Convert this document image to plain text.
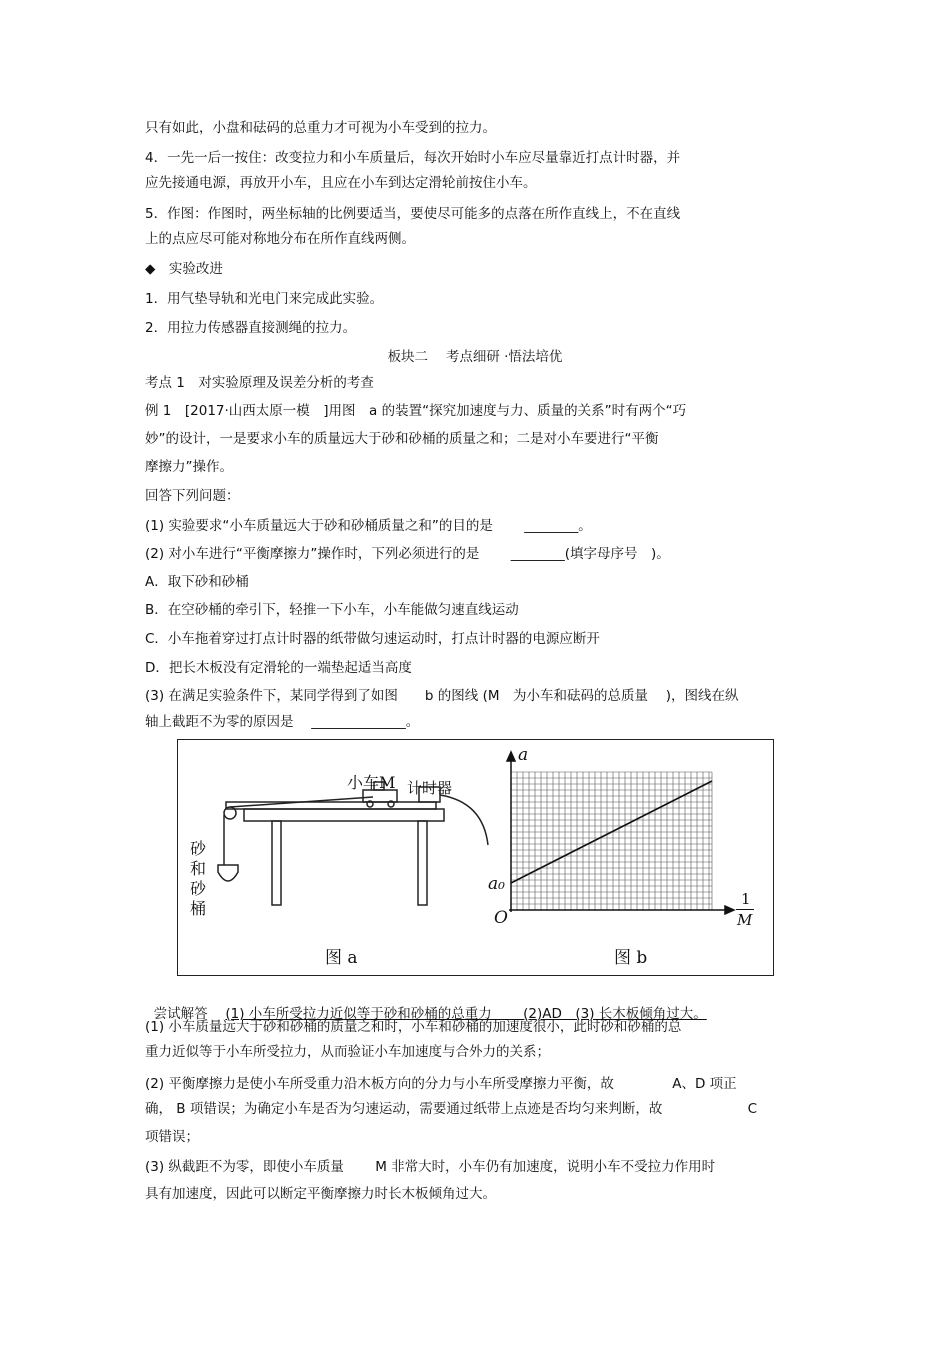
只有如此，小盘和砝码的总重力才可视为小车受到的拉力。
4．一先一后一按住：改变拉力和小车质量后，每次开始时小车应尽量靠近打点计时器，并
应先接通电源，再放开小车，且应在小车到达定滑轮前按住小车。
5．作图：作图时，两坐标轴的比例要适当，要使尽可能多的点落在所作直线上，不在直线
上的点应尽可能对称地分布在所作直线两侧。
◆　实验改进
1．用气垫导轨和光电门来完成此实验。
2．用拉力传感器直接测绳的拉力。
板块二　 考点细研 ·悟法培优
考点 1　对实验原理及误差分析的考查
例 1　[2017·山西太原一模　]用图　a 的装置“探究加速度与力、质量的关系”时有两个“巧
妙”的设计，一是要求小车的质量远大于砂和砂桶的质量之和；二是对小车要进行“平衡
摩擦力”操作。
回答下列问题：
(1) 实验要求“小车质量远大于砂和砂桶质量之和”的目的是　　 ________。
(2) 对小车进行“平衡摩擦力”操作时，下列必须进行的是　　 ________(填字母序号　)。
A．取下砂和砂桶
B．在空砂桶的牵引下，轻推一下小车，小车能做匀速直线运动
C．小车拖着穿过打点计时器的纸带做匀速运动时，打点计时器的电源应断开
D．把长木板没有定滑轮的一端垫起适当高度
(3) 在满足实验条件下，某同学得到了如图　　b 的图线 (M　为小车和砝码的总质量　 )，图线在纵
轴上截距不为零的原因是　 ______________。
小车M 计时器
砂
和
砂
桶
图 a
a
O
a₀
1
M
图 b

尝试解答　 (1) 小车所受拉力近似等于砂和砂桶的总重力　　 (2)AD　(3) 长木板倾角过大。

(1) 小车质量远大于砂和砂桶的质量之和时，小车和砂桶的加速度很小，此时砂和砂桶的总
重力近似等于小车所受拉力，从而验证小车加速度与合外力的关系；
(2) 平衡摩擦力是使小车所受重力沿木板方向的分力与小车所受摩擦力平衡，故　　　　 A、D 项正
确， B 项错误；为确定小车是否为匀速运动，需要通过纸带上点迹是否均匀来判断，故　　　　　　 C
项错误；
(3) 纵截距不为零，即使小车质量　　 M 非常大时，小车仍有加速度，说明小车不受拉力作用时
具有加速度，因此可以断定平衡摩擦力时长木板倾角过大。
